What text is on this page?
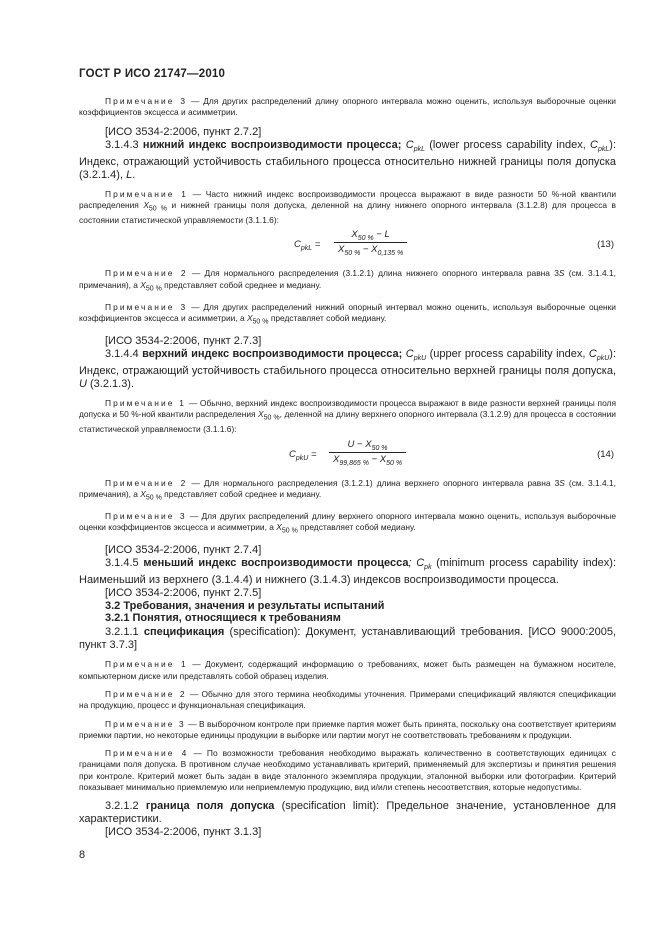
ГОСТ Р ИСО 21747—2010

Примечание 3 — Для других распределений длину опорного интервала можно оценить, используя выборочные оценки коэффициентов эксцесса и асимметрии.

[ИСО 3534-2:2006, пункт 2.7.2]

3.1.4.3 нижний индекс воспроизводимости процесса; $C_{pkL}$ (lower process capability index, $C_{pkL}$): Индекс, отражающий устойчивость стабильного процесса относительно нижней границы поля допуска (3.2.1.4), L.

Примечание 1 — Часто нижний индекс воспроизводимости процесса выражают в виде разности 50 %-ной квантили распределения $X_{50 \%}$ и нижней границы поля допуска, деленной на длину нижнего опорного интервала (3.1.2.8) для процесса в состоянии статистической управляемости (3.1.1.6):

$C_{pkL} = \frac{X_{50 \%} - L}{X_{50 \%} - X_{0,135 \%}}$	(13)

Примечание 2 — Для нормального распределения (3.1.2.1) длина нижнего опорного интервала равна 3S (см. 3.1.4.1, примечания), а $X_{50 \%}$ представляет собой среднее и медиану.

Примечание 3 — Для других распределений нижний опорный интервал можно оценить, используя выборочные оценки коэффициентов эксцесса и асимметрии, а $X_{50 \%}$ представляет собой медиану.

[ИСО 3534-2:2006, пункт 2.7.3]

3.1.4.4 верхний индекс воспроизводимости процесса; $C_{pkU}$ (upper process capability index, $C_{pkU}$): Индекс, отражающий устойчивость стабильного процесса относительно верхней границы поля допуска, U (3.2.1.3).

Примечание 1 — Обычно, верхний индекс воспроизводимости процесса выражают в виде разности верхней границы поля допуска и 50 %-ной квантили распределения $X_{50 \%}$, деленной на длину верхнего опорного интервала (3.1.2.9) для процесса в состоянии статистической управляемости (3.1.1.6):

$C_{pkU} = \frac{U - X_{50 \%}}{X_{99,865 \%} - X_{50 \%}}$	(14)

Примечание 2 — Для нормального распределения (3.1.2.1) длина верхнего опорного интервала равна 3S (см. 3.1.4.1, примечания), а $X_{50 \%}$ представляет собой среднее и медиану.

Примечание 3 — Для других распределений длину верхнего опорного интервала можно оценить, используя выборочные оценки коэффициентов эксцесса и асимметрии, а $X_{50 \%}$ представляет собой медиану.

[ИСО 3534-2:2006, пункт 2.7.4]

3.1.4.5 меньший индекс воспроизводимости процесса; $C_{pk}$ (minimum process capability index): Наименьший из верхнего (3.1.4.4) и нижнего (3.1.4.3) индексов воспроизводимости процесса.

[ИСО 3534-2:2006, пункт 2.7.5]

3.2 Требования, значения и результаты испытаний

3.2.1 Понятия, относящиеся к требованиям

3.2.1.1 спецификация (specification): Документ, устанавливающий требования. [ИСО 9000:2005, пункт 3.7.3]

Примечание 1 — Документ, содержащий информацию о требованиях, может быть размещен на бумажном носителе, компьютерном диске или представлять собой образец изделия.

Примечание 2 — Обычно для этого термина необходимы уточнения. Примерами спецификаций являются спецификации на продукцию, процесс и функциональная спецификация.

Примечание 3 — В выборочном контроле при приемке партия может быть принята, поскольку она соответствует критериям приемки партии, но некоторые единицы продукции в выборке или партии могут не соответствовать требованиям к продукции.

Примечание 4 — По возможности требования необходимо выражать количественно в соответствующих единицах с границами поля допуска. В противном случае необходимо устанавливать критерий, применяемый для экспертизы и принятия решения при контроле. Критерий может быть задан в виде эталонного экземпляра продукции, эталонной выборки или фотографии. Критерий показывает минимально приемлемую или неприемлемую продукцию, вид и/или степень несоответствия, которые недопустимы.

3.2.1.2 граница поля допуска (specification limit): Предельное значение, установленное для характеристики.

[ИСО 3534-2:2006, пункт 3.1.3]

8
